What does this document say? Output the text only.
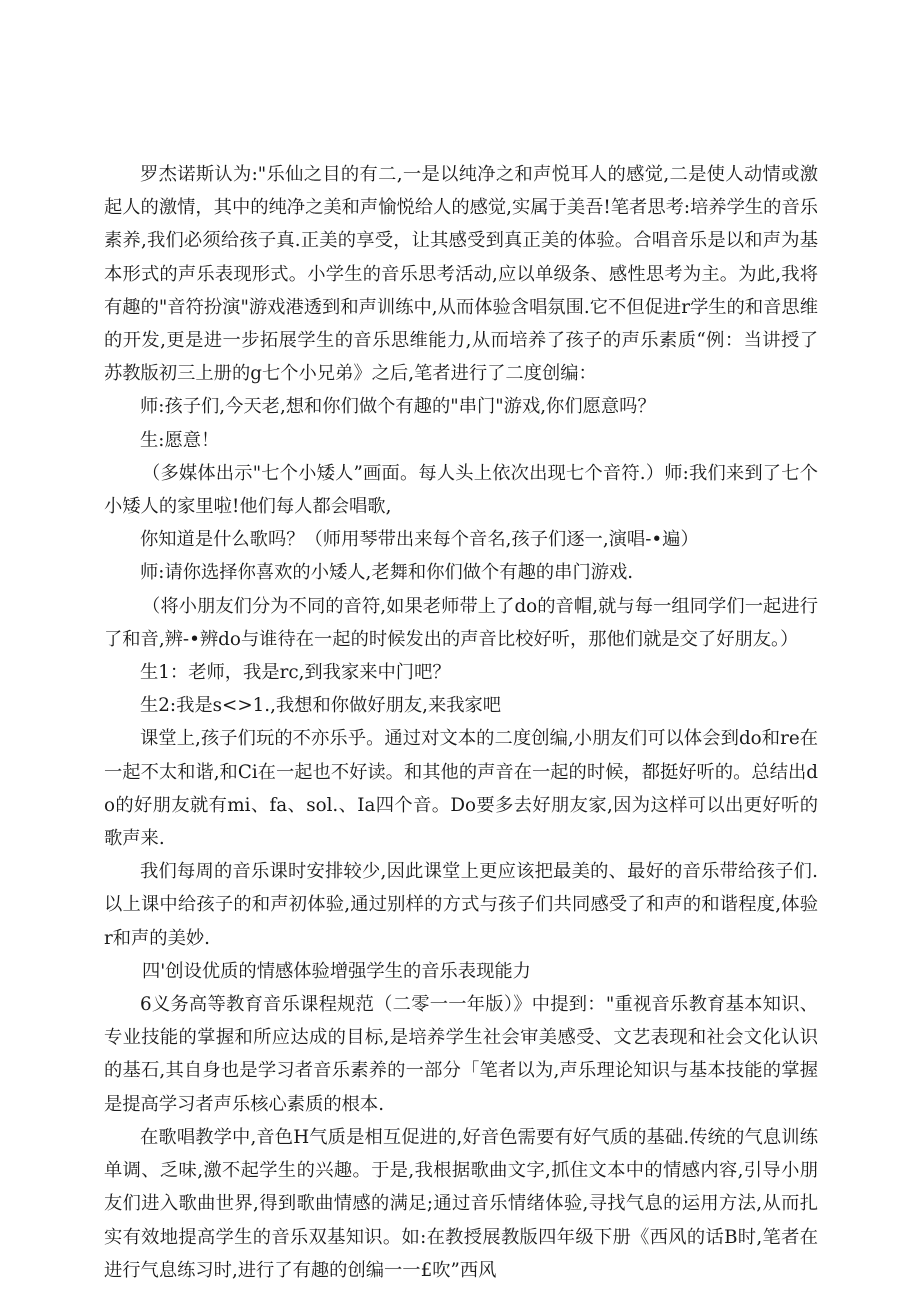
罗杰诺斯认为:"乐仙之目的有二,一是以纯净之和声悦耳人的感觉,二是使人动情或激起人的激情，其中的纯净之美和声愉悦给人的感觉,实属于美吾!笔者思考:培养学生的音乐素养,我们必须给孩子真.正美的享受，让其感受到真正美的体验。合唱音乐是以和声为基本形式的声乐表现形式。小学生的音乐思考活动,应以单级条、感性思考为主。为此,我将有趣的"音符扮演"游戏港透到和声训练中,从而体验含唱氛围.它不但促进r学生的和音思维的开发,更是进一步拓展学生的音乐思维能力,从而培养了孩子的声乐素质“例：当讲授了苏教版初三上册的g七个小兄弟》之后,笔者进行了二度创编：

师:孩子们,今天老,想和你们做个有趣的"串门"游戏,你们愿意吗？

生:愿意！

（多媒体出示"七个小矮人”画面。每人头上依次出现七个音符.）师:我们来到了七个小矮人的家里啦!他们每人都会唱歌,

你知道是什么歌吗？（师用琴带出来每个音名,孩子们逐一,演唱-•遍）

师:请你选择你喜欢的小矮人,老舞和你们做个有趣的串门游戏.

（将小朋友们分为不同的音符,如果老师带上了do的音帽,就与每一组同学们一起进行了和音,辨-•辨do与谁待在一起的时候发出的声音比校好听，那他们就是交了好朋友。）

生1：老师，我是rc,到我家来中门吧？

生2:我是s<>1.,我想和你做好朋友,来我家吧

课堂上,孩子们玩的不亦乐乎。通过对文本的二度创编,小朋友们可以体会到do和re在一起不太和谐,和Ci在一起也不好读。和其他的声音在一起的时候，都挺好听的。总结出do的好朋友就有mi、fa、sol.、Ia四个音。Do要多去好朋友家,因为这样可以出更好听的歌声来.

我们每周的音乐课时安排较少,因此课堂上更应该把最美的、最好的音乐带给孩子们.以上课中给孩子的和声初体验,通过别样的方式与孩子们共同感受了和声的和谐程度,体验r和声的美妙.

四'创设优质的情感体验增强学生的音乐表现能力

6义务高等教育音乐课程规范（二零一一年版）》中提到："重视音乐教育基本知识、专业技能的掌握和所应达成的目标,是培养学生社会审美感受、文艺表现和社会文化认识的基石,其自身也是学习者音乐素养的一部分「笔者以为,声乐理论知识与基本技能的掌握是提高学习者声乐核心素质的根本.

在歌唱教学中,音色H气质是相互促进的,好音色需要有好气质的基础.传统的气息训练单调、乏味,激不起学生的兴趣。于是,我根据歌曲文字,抓住文本中的情感内容,引导小朋友们进入歌曲世界,得到歌曲情感的满足;通过音乐情绪体验,寻找气息的运用方法,从而扎实有效地提高学生的音乐双基知识。如:在教授展教版四年级下册《西风的话B时,笔者在进行气息练习时,进行了有趣的创编一一£吹”西风
